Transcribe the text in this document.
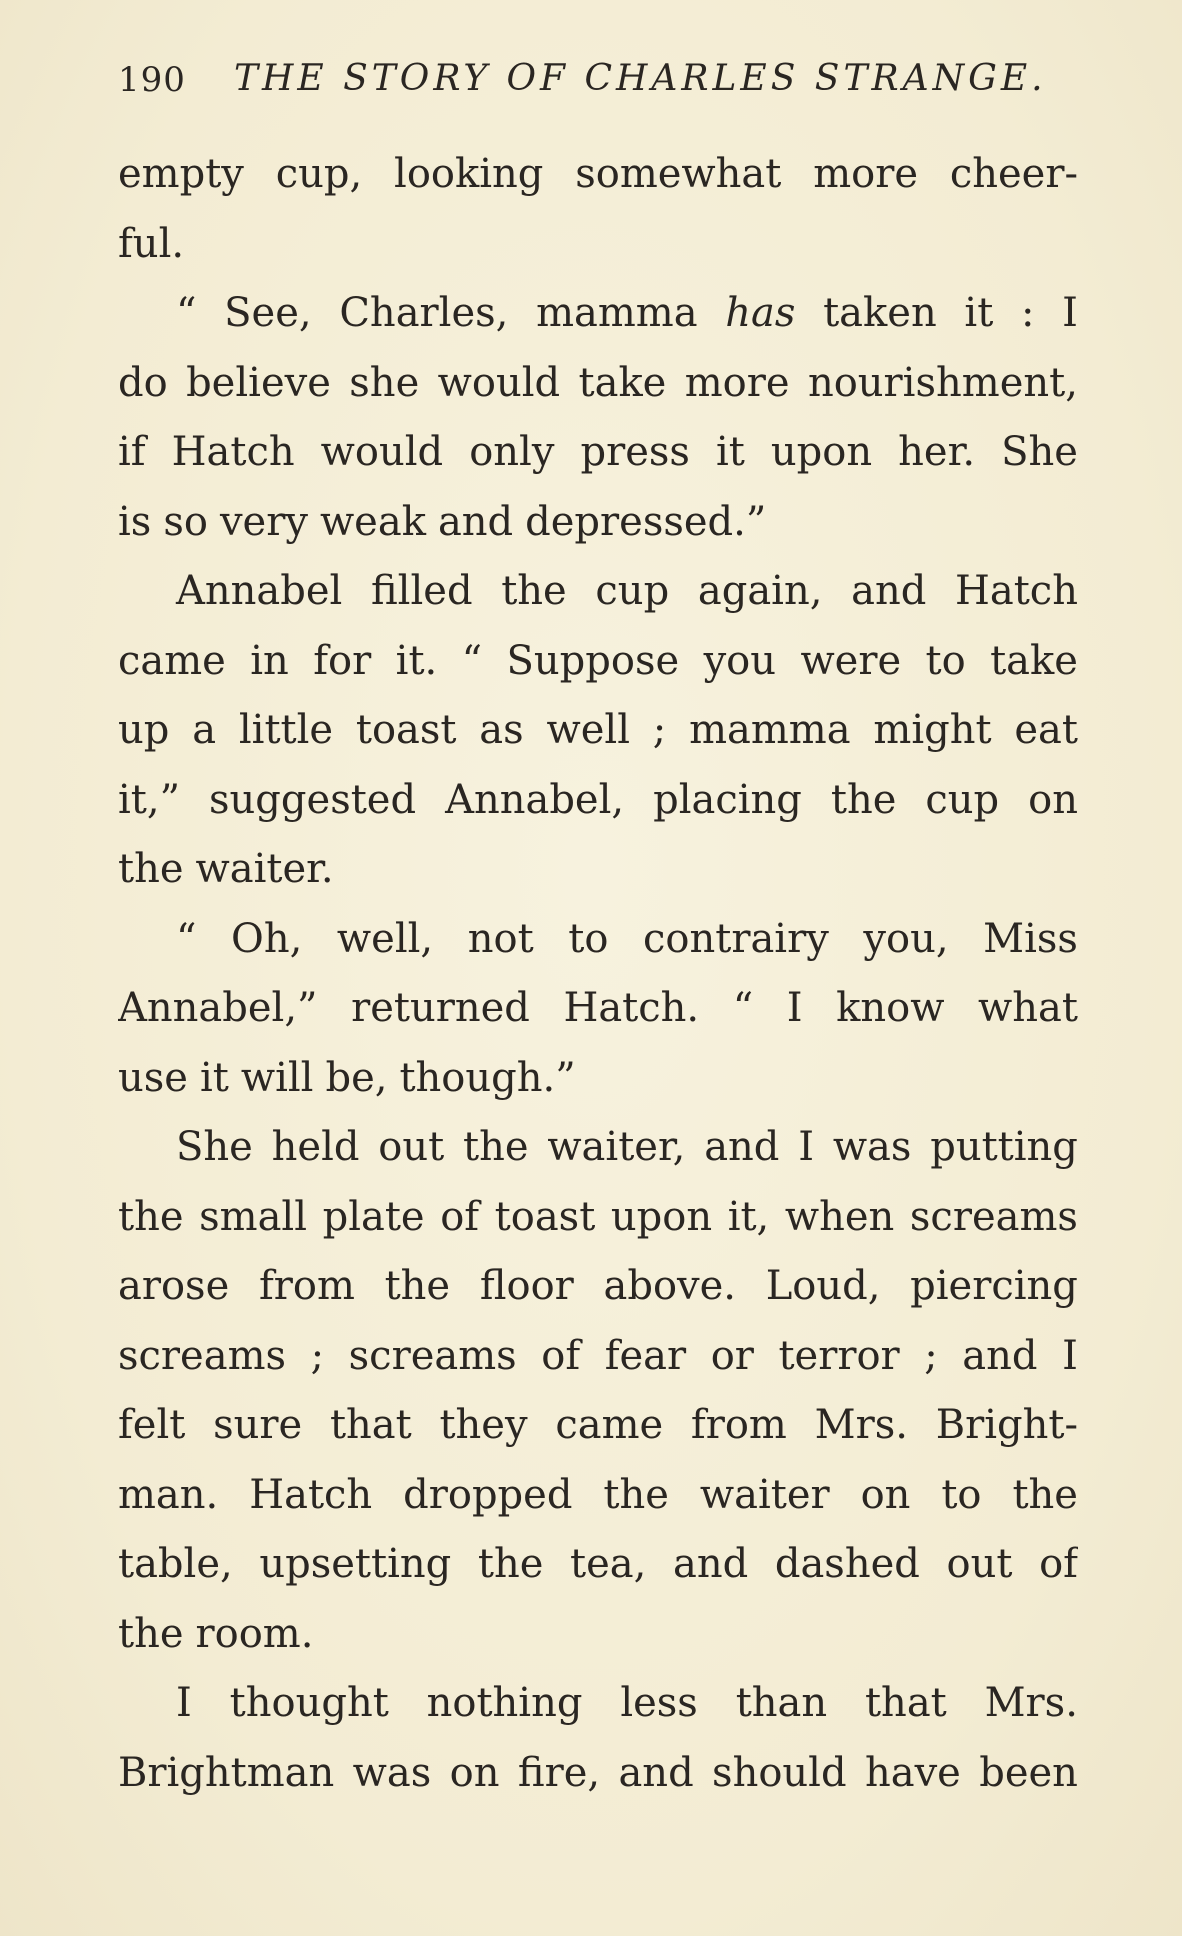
190 THE STORY OF CHARLES STRANGE.
empty cup, looking somewhat more cheer-
ful.
“ See, Charles, mamma has taken it : I
do believe she would take more nourishment,
if Hatch would only press it upon her. She
is so very weak and depressed.”
Annabel filled the cup again, and Hatch
came in for it. “ Suppose you were to take
up a little toast as well ; mamma might eat
it,” suggested Annabel, placing the cup on
the waiter.
“ Oh, well, not to contrairy you, Miss
Annabel,” returned Hatch. “ I know what
use it will be, though.”
She held out the waiter, and I was putting
the small plate of toast upon it, when screams
arose from the floor above. Loud, piercing
screams ; screams of fear or terror ; and I
felt sure that they came from Mrs. Bright-
man. Hatch dropped the waiter on to the
table, upsetting the tea, and dashed out of
the room.
I thought nothing less than that Mrs.
Brightman was on fire, and should have been
